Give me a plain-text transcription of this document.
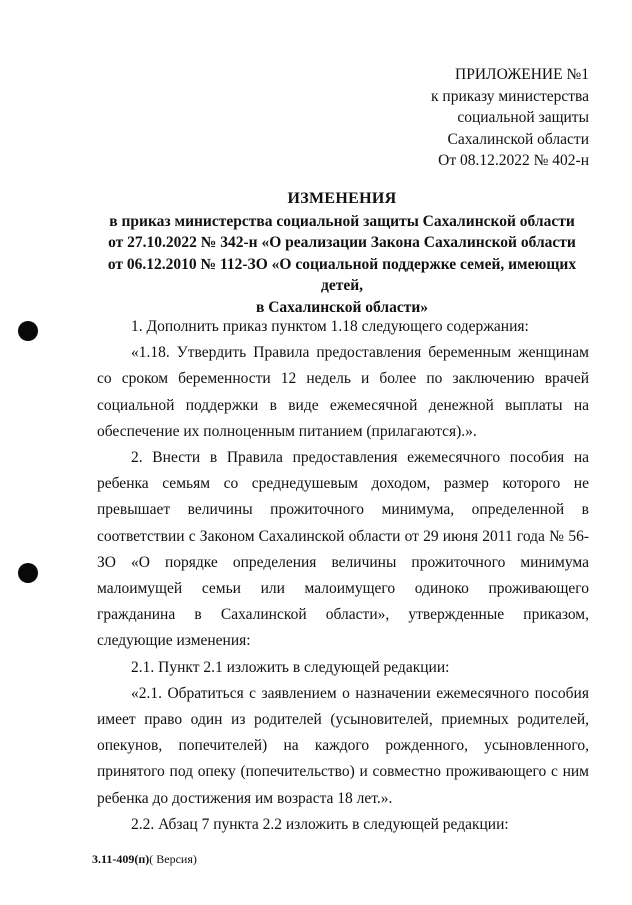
ПРИЛОЖЕНИЕ №1
к приказу министерства
социальной защиты
Сахалинской области
От 08.12.2022 № 402-н
ИЗМЕНЕНИЯ
в приказ министерства социальной защиты Сахалинской области
от 27.10.2022 № 342-н «О реализации Закона Сахалинской области
от 06.12.2010 № 112-ЗО «О социальной поддержке семей, имеющих детей,
в Сахалинской области»

1. Дополнить приказ пунктом 1.18 следующего содержания:

«1.18. Утвердить Правила предоставления беременным женщинам со сроком беременности 12 недель и более по заключению врачей социальной поддержки в виде ежемесячной денежной выплаты на обеспечение их полноценным питанием (прилагаются).».

2. Внести в Правила предоставления ежемесячного пособия на ребенка семьям со среднедушевым доходом, размер которого не превышает величины прожиточного минимума, определенной в соответствии с Законом Сахалинской области от 29 июня 2011 года № 56-ЗО «О порядке определения величины прожиточного минимума малоимущей семьи или малоимущего одиноко проживающего гражданина в Сахалинской области», утвержденные приказом, следующие изменения:

2.1. Пункт 2.1 изложить в следующей редакции:

«2.1. Обратиться с заявлением о назначении ежемесячного пособия имеет право один из родителей (усыновителей, приемных родителей, опекунов, попечителей) на каждого рожденного, усыновленного, принятого под опеку (попечительство) и совместно проживающего с ним ребенка до достижения им возраста 18 лет.».

2.2. Абзац 7 пункта 2.2 изложить в следующей редакции:

3.11-409(п)( Версия)
